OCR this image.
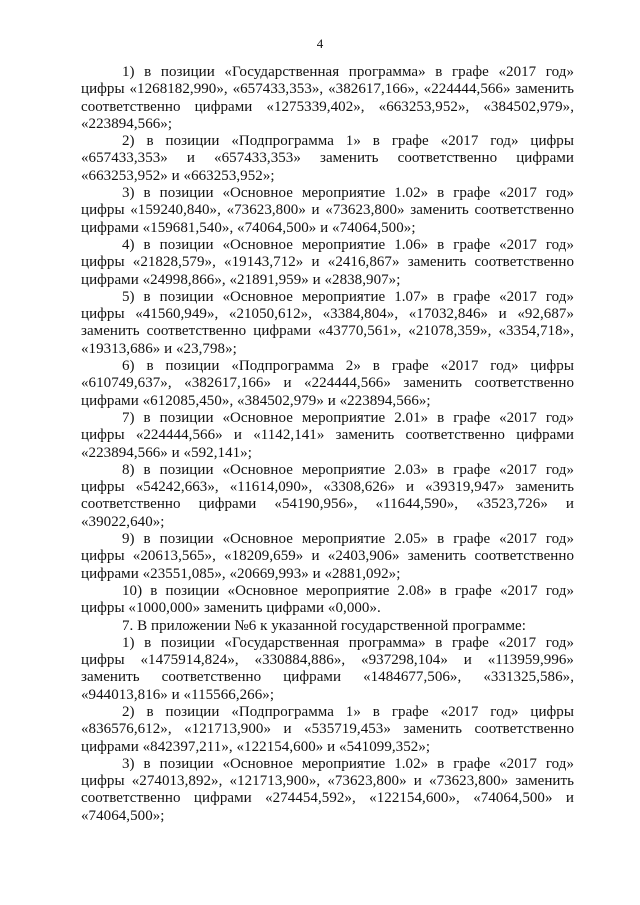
4

1) в позиции «Государственная программа» в графе «2017 год» цифры «1268182,990», «657433,353», «382617,166», «224444,566» заменить соответственно цифрами «1275339,402», «663253,952», «384502,979», «223894,566»;

2) в позиции «Подпрограмма 1» в графе «2017 год» цифры «657433,353» и «657433,353» заменить соответственно цифрами «663253,952» и «663253,952»;

3) в позиции «Основное мероприятие 1.02» в графе «2017 год» цифры «159240,840», «73623,800» и «73623,800» заменить соответственно цифрами «159681,540», «74064,500» и «74064,500»;

4) в позиции «Основное мероприятие 1.06» в графе «2017 год» цифры «21828,579», «19143,712» и «2416,867» заменить соответственно цифрами «24998,866», «21891,959» и «2838,907»;

5) в позиции «Основное мероприятие 1.07» в графе «2017 год» цифры «41560,949», «21050,612», «3384,804», «17032,846» и «92,687» заменить соответственно цифрами «43770,561», «21078,359», «3354,718», «19313,686» и «23,798»;

6) в позиции «Подпрограмма 2» в графе «2017 год» цифры «610749,637», «382617,166» и «224444,566» заменить соответственно цифрами «612085,450», «384502,979» и «223894,566»;

7) в позиции «Основное мероприятие 2.01» в графе «2017 год» цифры «224444,566» и «1142,141» заменить соответственно цифрами «223894,566» и «592,141»;

8) в позиции «Основное мероприятие 2.03» в графе «2017 год» цифры «54242,663», «11614,090», «3308,626» и «39319,947» заменить соответственно цифрами «54190,956», «11644,590», «3523,726» и «39022,640»;

9) в позиции «Основное мероприятие 2.05» в графе «2017 год» цифры «20613,565», «18209,659» и «2403,906» заменить соответственно цифрами «23551,085», «20669,993» и «2881,092»;

10) в позиции «Основное мероприятие 2.08» в графе «2017 год» цифры «1000,000» заменить цифрами «0,000».

7. В приложении №6 к указанной государственной программе:

1) в позиции «Государственная программа» в графе «2017 год» цифры «1475914,824», «330884,886», «937298,104» и «113959,996» заменить соответственно цифрами «1484677,506», «331325,586», «944013,816» и «115566,266»;

2) в позиции «Подпрограмма 1» в графе «2017 год» цифры «836576,612», «121713,900» и «535719,453» заменить соответственно цифрами «842397,211», «122154,600» и «541099,352»;

3) в позиции «Основное мероприятие 1.02» в графе «2017 год» цифры «274013,892», «121713,900», «73623,800» и «73623,800» заменить соответственно цифрами «274454,592», «122154,600», «74064,500» и «74064,500»;
